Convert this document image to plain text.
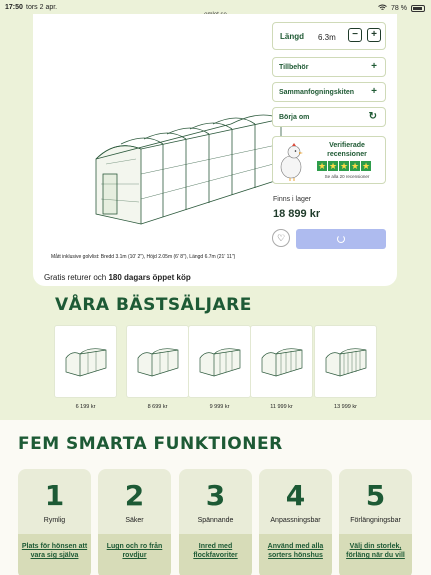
17:50 tors 2 apr.	78 %
Mått inklusive golvlist: Bredd 3.1m (10' 2"), Höjd 2.05m (6' 8"), Längd 6.7m (21' 11")
Gratis returer och 180 dagars öppet köp
Längd 6.3m	−	+
Tillbehör	+
Sammanfogningskiten +
Börja om	↻
Verifierade recensioner
★ ★ ★ ★ ★
Se alla 20 recensioner
Finns i lager
18 899 kr
♡
VÅRA BÄSTSÄLJARE
6 199 kr	8 699 kr	9 999 kr	11 999 kr	13 999 kr
FEM SMARTA FUNKTIONER
1
Rymlig
Plats för hönsen att vara sig själva
2
Säker
Lugn och ro från rovdjur
3
Spännande
Inred med flockfavoriter
4
Anpassningsbar
Använd med alla sorters hönshus
5
Förlängningsbar
Välj din storlek, förläng när du vill
